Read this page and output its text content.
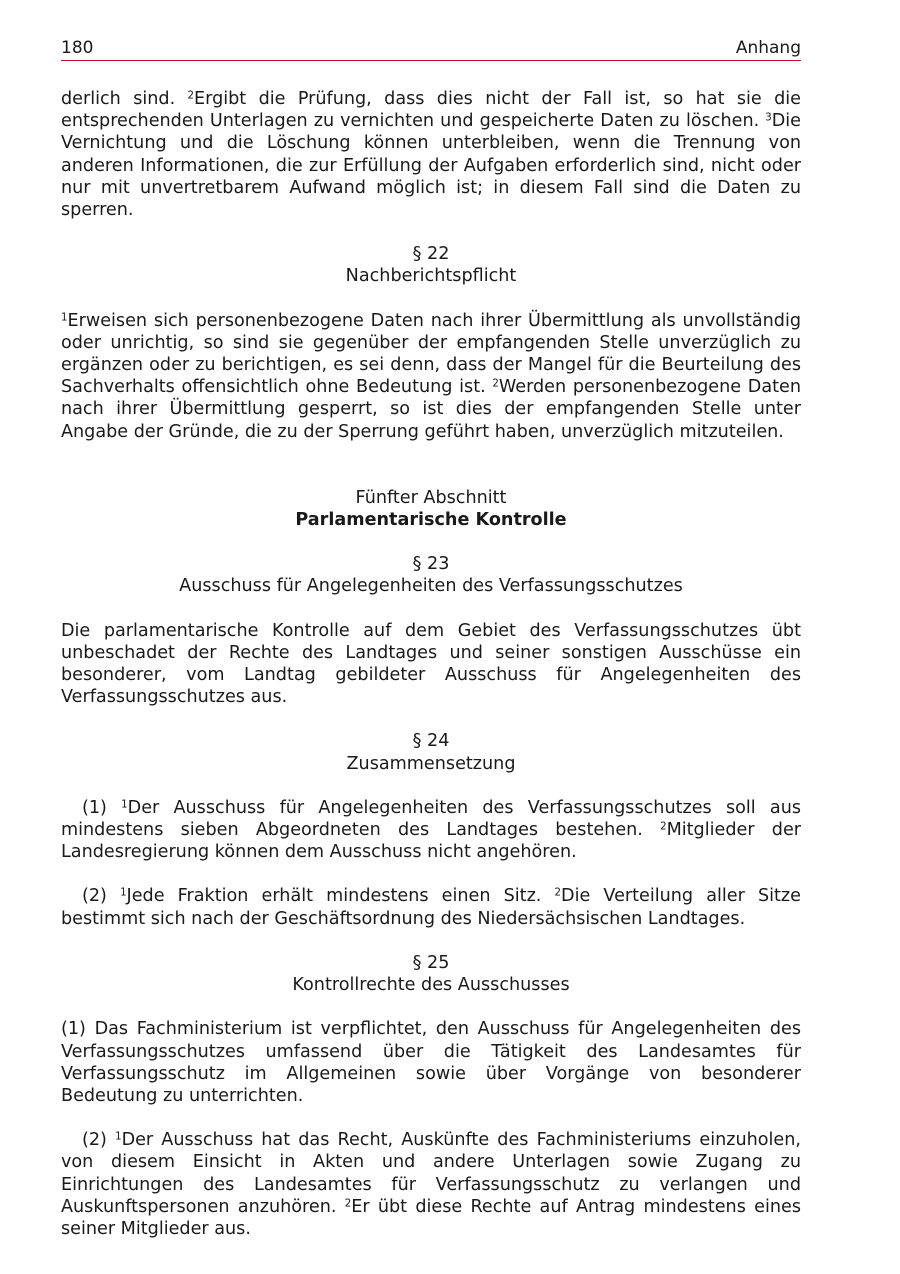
180	Anhang

derlich sind. $^2$Ergibt die Prüfung, dass dies nicht der Fall ist, so hat sie die entsprechenden Unterlagen zu vernichten und gespeicherte Daten zu löschen. $^3$Die Vernichtung und die Löschung können unterbleiben, wenn die Trennung von anderen Informationen, die zur Erfüllung der Aufgaben erforderlich sind, nicht oder nur mit unvertretbarem Aufwand möglich ist; in diesem Fall sind die Daten zu sperren.

§ 22

Nachberichtspflicht

$^1$Erweisen sich personenbezogene Daten nach ihrer Übermittlung als unvollständig oder unrichtig, so sind sie gegenüber der empfangenden Stelle unverzüglich zu ergänzen oder zu berichtigen, es sei denn, dass der Mangel für die Beurteilung des Sachverhalts offensichtlich ohne Bedeutung ist. $^2$Werden personenbezogene Daten nach ihrer Übermittlung gesperrt, so ist dies der empfangenden Stelle unter Angabe der Gründe, die zu der Sperrung geführt haben, unverzüglich mitzuteilen.

Fünfter Abschnitt

Parlamentarische Kontrolle

§ 23

Ausschuss für Angelegenheiten des Verfassungsschutzes

Die parlamentarische Kontrolle auf dem Gebiet des Verfassungsschutzes übt unbeschadet der Rechte des Landtages und seiner sonstigen Ausschüsse ein besonderer, vom Landtag gebildeter Ausschuss für Angelegenheiten des Verfassungsschutzes aus.

§ 24

Zusammensetzung

(1) $^1$Der Ausschuss für Angelegenheiten des Verfassungsschutzes soll aus mindestens sieben Abgeordneten des Landtages bestehen. $^2$Mitglieder der Landesregierung können dem Ausschuss nicht angehören.

(2) $^1$Jede Fraktion erhält mindestens einen Sitz. $^2$Die Verteilung aller Sitze bestimmt sich nach der Geschäftsordnung des Niedersächsischen Landtages.

§ 25

Kontrollrechte des Ausschusses

(1) Das Fachministerium ist verpflichtet, den Ausschuss für Angelegenheiten des Verfassungsschutzes umfassend über die Tätigkeit des Landesamtes für Verfassungsschutz im Allgemeinen sowie über Vorgänge von besonderer Bedeutung zu unterrichten.

(2) $^1$Der Ausschuss hat das Recht, Auskünfte des Fachministeriums einzuholen, von diesem Einsicht in Akten und andere Unterlagen sowie Zugang zu Einrichtungen des Landesamtes für Verfassungsschutz zu verlangen und Auskunftspersonen anzuhören. $^2$Er übt diese Rechte auf Antrag mindestens eines seiner Mitglieder aus.
